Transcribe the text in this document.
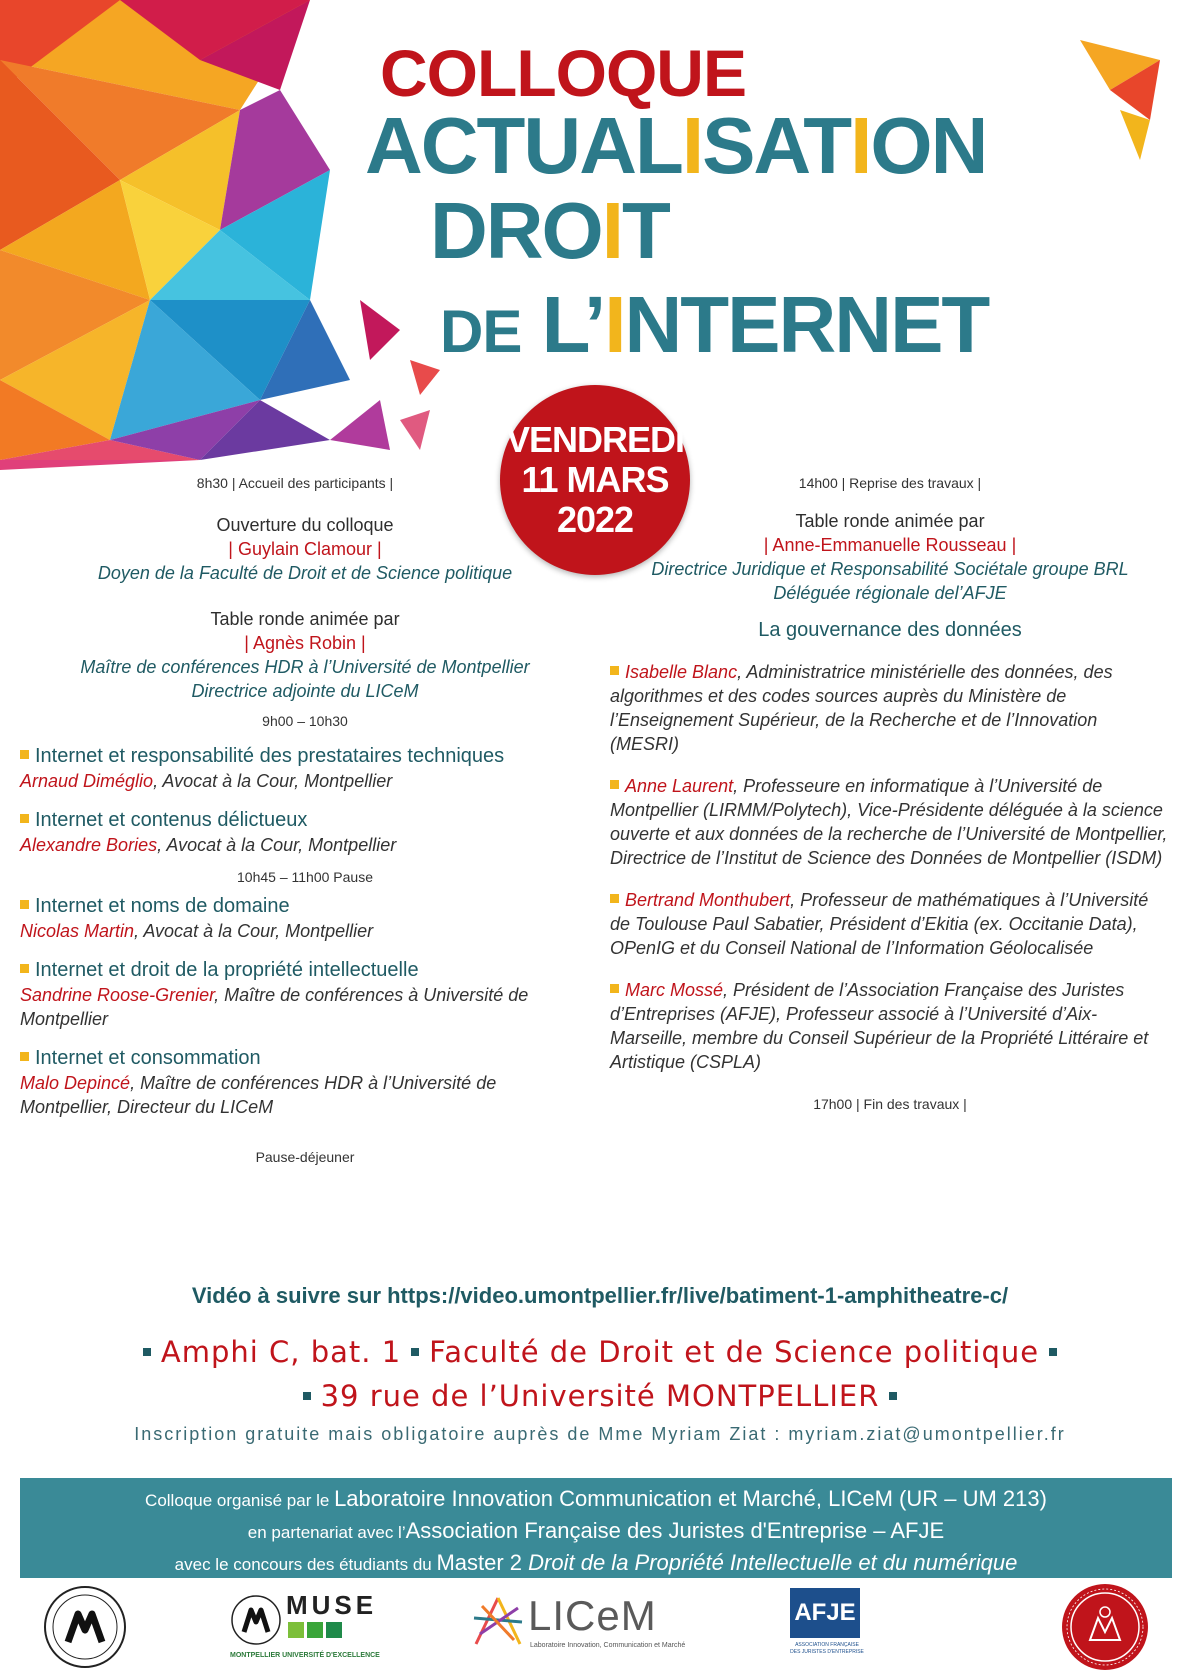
COLLOQUE
ACTUALISATION
DROIT
DE L’INTERNET
VENDREDI
11 MARS
2022
8h30 | Accueil des participants |
Ouverture du colloque
| Guylain Clamour |
Doyen de la Faculté de Droit et de Science politique
Table ronde animée par
| Agnès Robin |
Maître de conférences HDR à l’Université de Montpellier
Directrice adjointe du LICeM
9h00 – 10h30
Internet et responsabilité des prestataires techniques
Arnaud Diméglio, Avocat à la Cour, Montpellier
Internet et contenus délictueux
Alexandre Bories, Avocat à la Cour, Montpellier
10h45 – 11h00 Pause
Internet et noms de domaine
Nicolas Martin, Avocat à la Cour, Montpellier
Internet et droit de la propriété intellectuelle
Sandrine Roose-Grenier, Maître de conférences à Université de Montpellier
Internet et consommation
Malo Depincé, Maître de conférences HDR à l’Université de Montpellier, Directeur du LICeM
Pause-déjeuner
14h00 | Reprise des travaux |
Table ronde animée par
| Anne-Emmanuelle Rousseau |
Directrice Juridique et Responsabilité Sociétale groupe BRL
Déléguée régionale del’AFJE
La gouvernance des données
Isabelle Blanc, Administratrice ministérielle des données, des algorithmes et des codes sources auprès du Ministère de l’Enseignement Supérieur, de la Recherche et de l’Innovation (MESRI)
Anne Laurent, Professeure en informatique à l’Université de Montpellier (LIRMM/Polytech), Vice-Présidente déléguée à la science ouverte et aux données de la recherche de l’Université de Montpellier, Directrice de l’Institut de Science des Données de Montpellier (ISDM)
Bertrand Monthubert, Professeur de mathématiques à l’Université de Toulouse Paul Sabatier, Président d’Ekitia (ex. Occitanie Data), OPenIG et du Conseil National de l’Information Géolocalisée
Marc Mossé, Président de l’Association Française des Juristes d’Entreprises (AFJE), Professeur associé à l’Université d’Aix-Marseille, membre du Conseil Supérieur de la Propriété Littéraire et Artistique (CSPLA)
17h00 | Fin des travaux |
Vidéo à suivre sur https://video.umontpellier.fr/live/batiment-1-amphitheatre-c/
Amphi C, bat. 1 Faculté de Droit et de Science politique
39 rue de l’Université MONTPELLIER
Inscription gratuite mais obligatoire auprès de Mme Myriam Ziat : myriam.ziat@umontpellier.fr
Colloque organisé par le Laboratoire Innovation Communication et Marché, LICeM (UR – UM 213)
en partenariat avec l’Association Française des Juristes d'Entreprise – AFJE
avec le concours des étudiants du Master 2 Droit de la Propriété Intellectuelle et du numérique
MUSE
MONTPELLIER UNIVERSITÉ D'EXCELLENCE
LICeM
Laboratoire Innovation, Communication et Marché
AFJE
ASSOCIATION FRANÇAISE DES JURISTES D'ENTREPRISE
